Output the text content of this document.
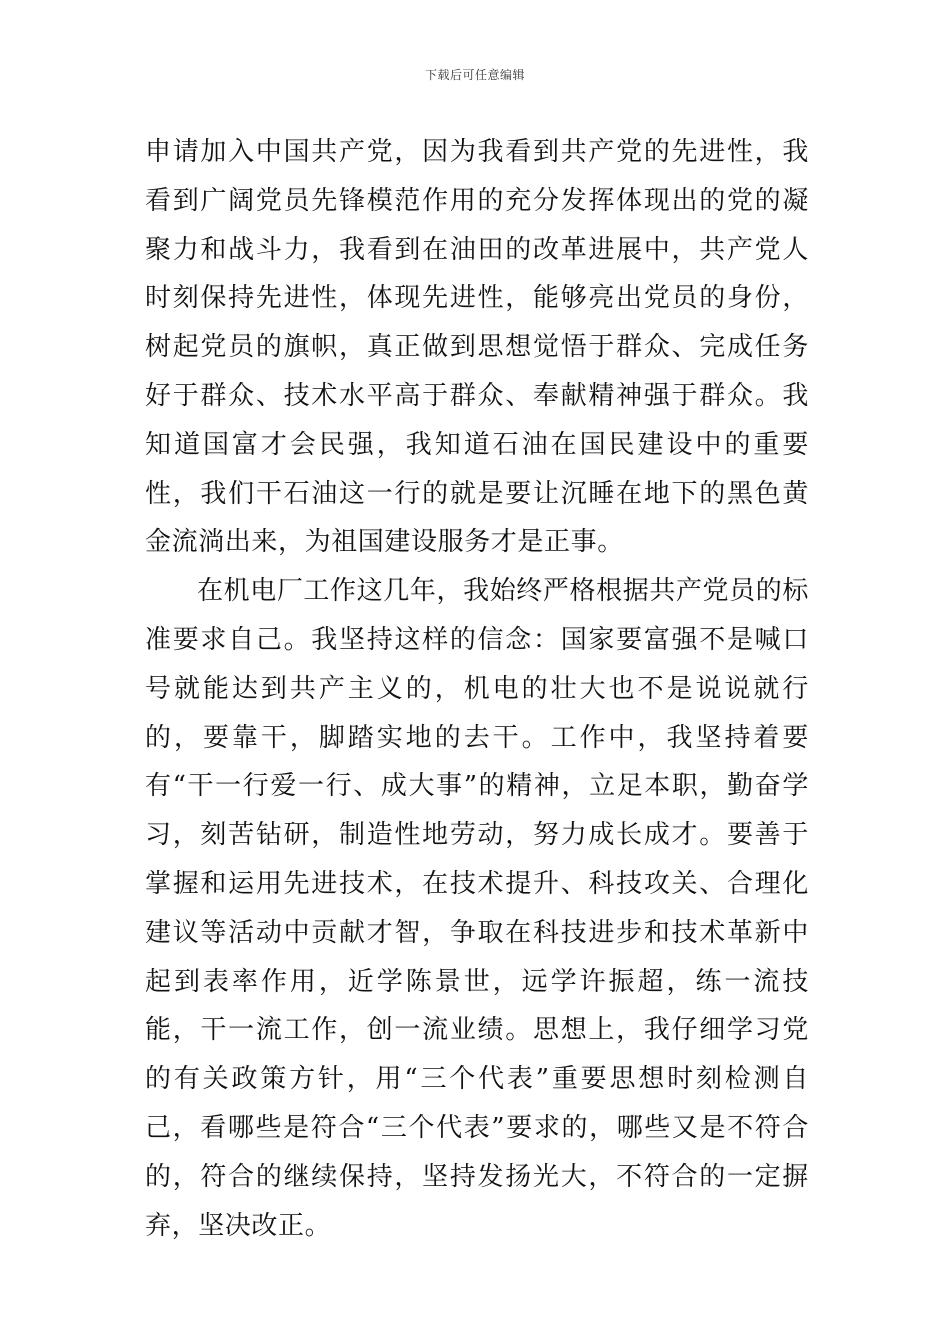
下载后可任意编辑

申请加入中国共产党，因为我看到共产党的先进性，我看到广阔党员先锋模范作用的充分发挥体现出的党的凝聚力和战斗力，我看到在油田的改革进展中，共产党人时刻保持先进性，体现先进性，能够亮出党员的身份，树起党员的旗帜，真正做到思想觉悟于群众、完成任务好于群众、技术水平高于群众、奉献精神强于群众。我知道国富才会民强，我知道石油在国民建设中的重要性，我们干石油这一行的就是要让沉睡在地下的黑色黄金流淌出来，为祖国建设服务才是正事。

在机电厂工作这几年，我始终严格根据共产党员的标准要求自己。我坚持这样的信念：国家要富强不是喊口号就能达到共产主义的，机电的壮大也不是说说就行的，要靠干，脚踏实地的去干。工作中，我坚持着要有“干一行爱一行、成大事”的精神，立足本职，勤奋学习，刻苦钻研，制造性地劳动，努力成长成才。要善于掌握和运用先进技术，在技术提升、科技攻关、合理化建议等活动中贡献才智，争取在科技进步和技术革新中起到表率作用，近学陈景世，远学许振超，练一流技能，干一流工作，创一流业绩。思想上，我仔细学习党的有关政策方针，用“三个代表”重要思想时刻检测自己，看哪些是符合“三个代表”要求的，哪些又是不符合的，符合的继续保持，坚持发扬光大，不符合的一定摒弃，坚决改正。
